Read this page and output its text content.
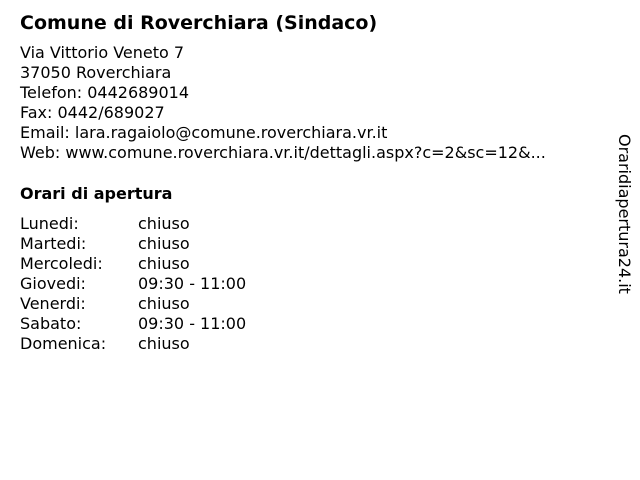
Comune di Roverchiara (Sindaco)
Via Vittorio Veneto 7
37050 Roverchiara
Telefon: 0442689014
Fax: 0442/689027
Email: lara.ragaiolo@comune.roverchiara.vr.it
Web: www.comune.roverchiara.vr.it/dettagli.aspx?c=2&sc=12&...
Orari di apertura
Lunedi:	chiuso
Martedi:	chiuso
Mercoledi: chiuso
Giovedi:	09:30 - 11:00
Venerdi:	chiuso
Sabato:	09:30 - 11:00
Domenica: chiuso
Oraridiapertura24.it
